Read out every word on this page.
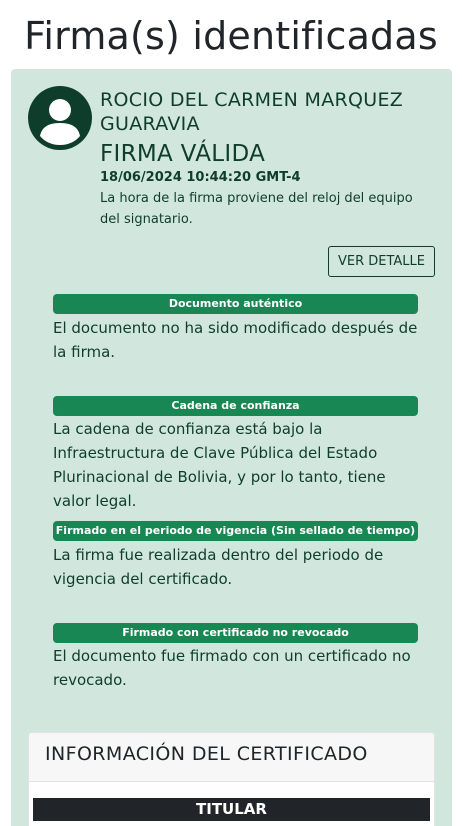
Firma(s) identificadas
ROCIO DEL CARMEN MARQUEZ GUARAVIA
FIRMA VÁLIDA
18/06/2024 10:44:20 GMT-4
La hora de la firma proviene del reloj del equipo del signatario.
VER DETALLE
Documento auténtico
El documento no ha sido modificado después de la firma.
Cadena de confianza
La cadena de confianza está bajo la Infraestructura de Clave Pública del Estado Plurinacional de Bolivia, y por lo tanto, tiene valor legal.
Firmado en el periodo de vigencia (Sin sellado de tiempo)
La firma fue realizada dentro del periodo de vigencia del certificado.
Firmado con certificado no revocado
El documento fue firmado con un certificado no revocado.
INFORMACIÓN DEL CERTIFICADO
TITULAR
